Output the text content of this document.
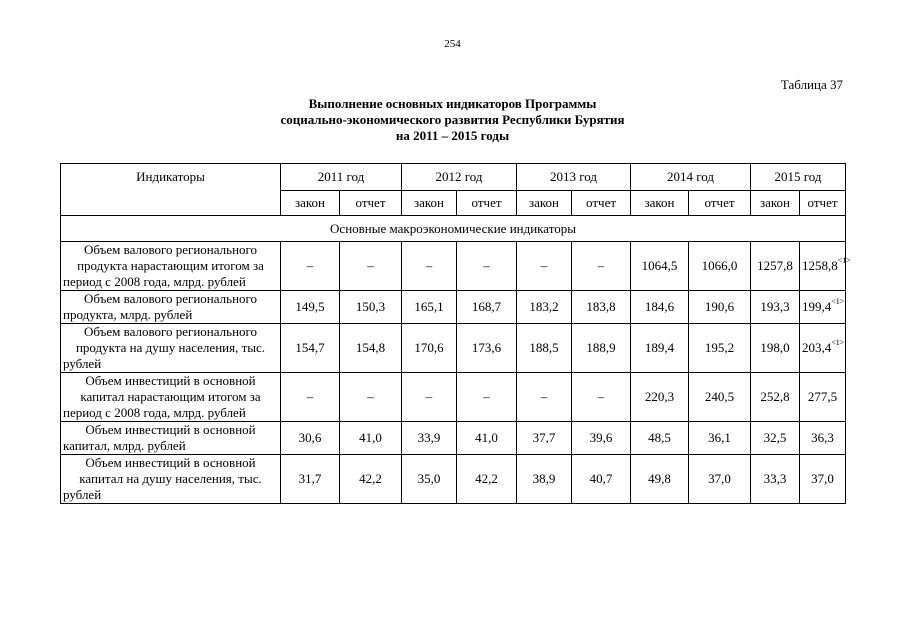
254
Таблица 37
Выполнение основных индикаторов Программы
социально-экономического развития Республики Бурятия
на 2011 – 2015 годы
Индикаторы	2011 год		2012 год		2013 год		2014 год		2015 год	
	закон	отчет	закон	отчет	закон	отчет	закон	отчет	закон	отчет
Основные макроэкономические индикаторы										
Объем валового регионального продукта нарастающим итогом за период с 2008 года, млрд. рублей	–	–	–	–	–	–	1064,5	1066,0	1257,8	$1258,8^{<1>}$
Объем валового регионального продукта, млрд. рублей	149,5	150,3	165,1	168,7	183,2	183,8	184,6	190,6	193,3	$199,4^{<1>}$
Объем валового регионального продукта на душу населения, тыс. рублей	154,7	154,8	170,6	173,6	188,5	188,9	189,4	195,2	198,0	$203,4^{<1>}$
Объем инвестиций в основной капитал нарастающим итогом за период с 2008 года, млрд. рублей	–	–	–	–	–	–	220,3	240,5	252,8	277,5
Объем инвестиций в основной капитал, млрд. рублей	30,6	41,0	33,9	41,0	37,7	39,6	48,5	36,1	32,5	36,3
Объем инвестиций в основной капитал на душу населения, тыс. рублей	31,7	42,2	35,0	42,2	38,9	40,7	49,8	37,0	33,3	37,0
